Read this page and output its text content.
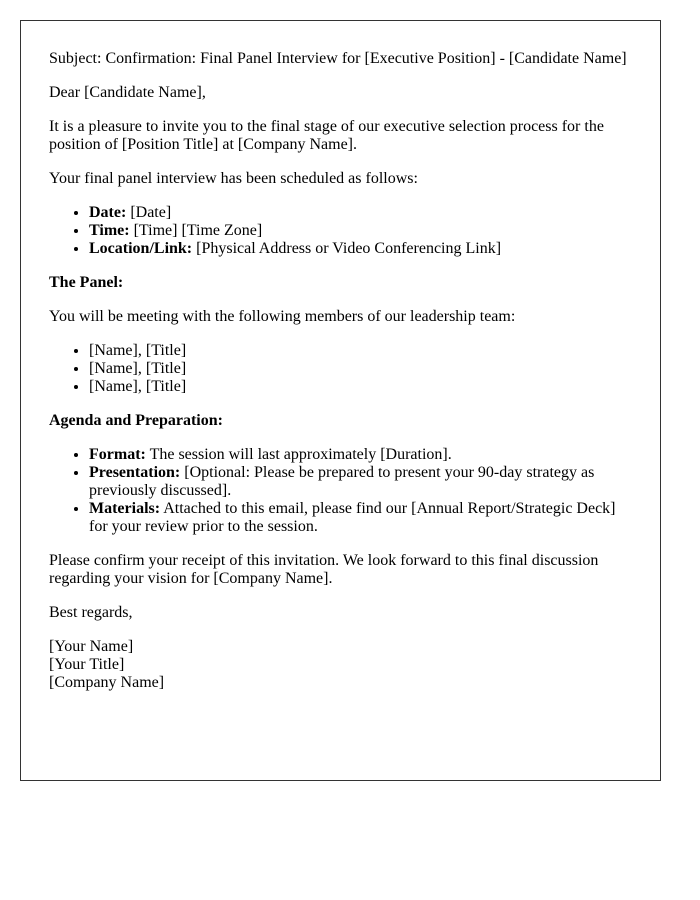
Subject: Confirmation: Final Panel Interview for [Executive Position] - [Candidate Name]

Dear [Candidate Name],

It is a pleasure to invite you to the final stage of our executive selection process for the position of [Position Title] at [Company Name].

Your final panel interview has been scheduled as follows:

• Date: [Date]
• Time: [Time] [Time Zone]
• Location/Link: [Physical Address or Video Conferencing Link]

The Panel:

You will be meeting with the following members of our leadership team:

• [Name], [Title]
• [Name], [Title]
• [Name], [Title]

Agenda and Preparation:

• Format: The session will last approximately [Duration].
• Presentation: [Optional: Please be prepared to present your 90-day strategy as previously discussed].
• Materials: Attached to this email, please find our [Annual Report/Strategic Deck] for your review prior to the session.

Please confirm your receipt of this invitation. We look forward to this final discussion regarding your vision for [Company Name].

Best regards,

[Your Name]
[Your Title]
[Company Name]
